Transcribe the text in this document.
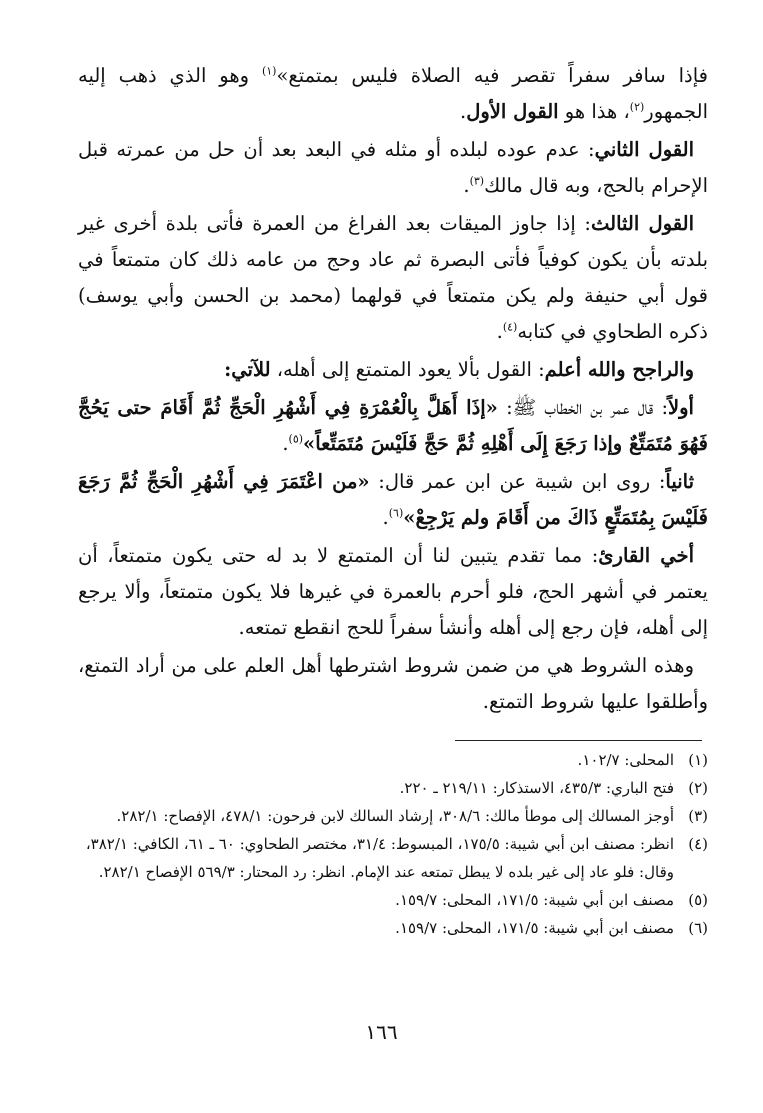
فإذا سافر سفراً تقصر فيه الصلاة فليس بمتمتع»$^{(١)}$ وهو الذي ذهب إليه الجمهور$^{(٢)}$، هذا هو القول الأول.

القول الثاني: عدم عوده لبلده أو مثله في البعد بعد أن حل من عمرته قبل الإحرام بالحج، وبه قال مالك$^{(٣)}$.

القول الثالث: إذا جاوز الميقات بعد الفراغ من العمرة فأتى بلدة أخرى غير بلدته بأن يكون كوفياً فأتى البصرة ثم عاد وحج من عامه ذلك كان متمتعاً في قول أبي حنيفة ولم يكن متمتعاً في قولهما (محمد بن الحسن وأبي يوسف) ذكره الطحاوي في كتابه$^{(٤)}$.

والراجح والله أعلم: القول بألا يعود المتمتع إلى أهله، للآتي:

أولاً: قال عمر بن الخطاب ﷺ: «إذَا أَهَلَّ بِالْعُمْرَةِ فِي أَشْهُرِ الْحَجِّ ثُمَّ أَقَامَ حتى يَحُجَّ فَهُوَ مُتَمَتِّعٌ وإذا رَجَعَ إِلَى أَهْلِهِ ثُمَّ حَجَّ فَلَيْسَ مُتَمَتِّعاً»$^{(٥)}$.

ثانياً: روى ابن شيبة عن ابن عمر قال: «من اعْتَمَرَ فِي أَشْهُرِ الْحَجِّ ثُمَّ رَجَعَ فَلَيْسَ بِمُتَمَتِّعٍ ذَاكَ من أَقَامَ ولم يَرْجِعْ»$^{(٦)}$.

أخي القارئ: مما تقدم يتبين لنا أن المتمتع لا بد له حتى يكون متمتعاً، أن يعتمر في أشهر الحج، فلو أحرم بالعمرة في غيرها فلا يكون متمتعاً، وألا يرجع إلى أهله، فإن رجع إلى أهله وأنشأ سفراً للحج انقطع تمتعه.

وهذه الشروط هي من ضمن شروط اشترطها أهل العلم على من أراد التمتع، وأطلقوا عليها شروط التمتع.

(١)
المحلى: ١٠٢/٧.
(٢)
فتح الباري: ٤٣٥/٣، الاستذكار: ٢١٩/١١ ـ ٢٢٠.
(٣)
أوجز المسالك إلى موطأ مالك: ٣٠٨/٦، إرشاد السالك لابن فرحون: ٤٧٨/١، الإفصاح: ٢٨٢/١.
(٤)
انظر: مصنف ابن أبي شيبة: ١٧٥/٥، المبسوط: ٣١/٤، مختصر الطحاوي: ٦٠ ـ ٦١، الكافي: ٣٨٢/١، وقال: فلو عاد إلى غير بلده لا يبطل تمتعه عند الإمام. انظر: رد المحتار: ٥٦٩/٣ الإفصاح ٢٨٢/١.
(٥)
مصنف ابن أبي شيبة: ١٧١/٥، المحلى: ١٥٩/٧.
(٦)
مصنف ابن أبي شيبة: ١٧١/٥، المحلى: ١٥٩/٧.
١٦٦
